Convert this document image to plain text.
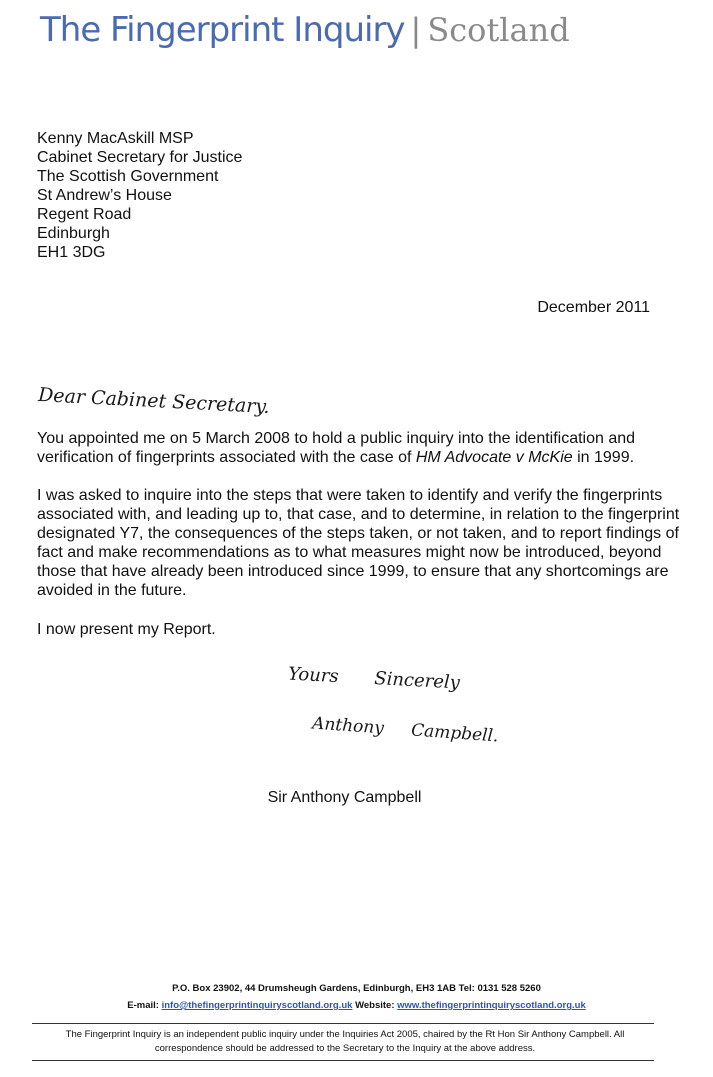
The Fingerprint Inquiry | Scotland
Kenny MacAskill MSP
Cabinet Secretary for Justice
The Scottish Government
St Andrew’s House
Regent Road
Edinburgh
EH1 3DG
December 2011
Dear Cabinet Secretary.

You appointed me on 5 March 2008 to hold a public inquiry into the identification and verification of fingerprints associated with the case of HM Advocate v McKie in 1999.

I was asked to inquire into the steps that were taken to identify and verify the fingerprints associated with, and leading up to, that case, and to determine, in relation to the fingerprint designated Y7, the consequences of the steps taken, or not taken, and to report findings of fact and make recommendations as to what measures might now be introduced, beyond those that have already been introduced since 1999, to ensure that any shortcomings are avoided in the future.

I now present my Report.

Yours Sincerely
Anthony Campbell.
Sir Anthony Campbell
P.O. Box 23902, 44 Drumsheugh Gardens, Edinburgh, EH3 1AB Tel: 0131 528 5260
E-mail: info@thefingerprintinquiryscotland.org.uk Website: www.thefingerprintinquiryscotland.org.uk
The Fingerprint Inquiry is an independent public inquiry under the Inquiries Act 2005, chaired by the Rt Hon Sir Anthony Campbell. All correspondence should be addressed to the Secretary to the Inquiry at the above address.
